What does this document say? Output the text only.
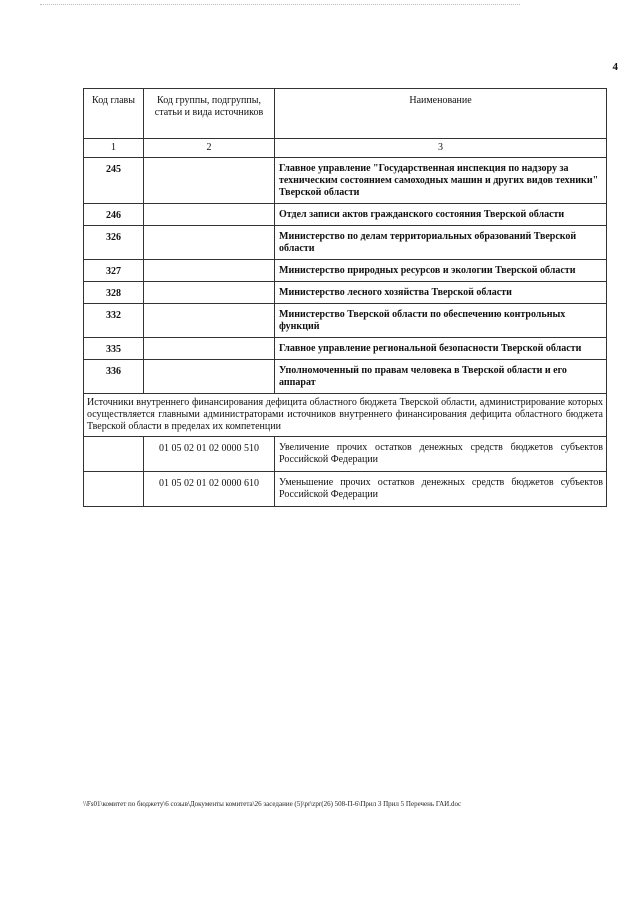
4
Код главы	Код группы, подгруппы, статьи и вида источников	Наименование
1	2	3
245		Главное управление "Государственная инспекция по надзору за техническим состоянием самоходных машин и других видов техники" Тверской области
246		Отдел записи актов гражданского состояния Тверской области
326		Министерство по делам территориальных образований Тверской области
327		Министерство природных ресурсов и экологии Тверской области
328		Министерство лесного хозяйства Тверской области
332		Министерство Тверской области по обеспечению контрольных функций
335		Главное управление региональной безопасности Тверской области
336		Уполномоченный по правам человека в Тверской области и его аппарат
Источники внутреннего финансирования дефицита областного бюджета Тверской области, администрирование которых осуществляется главными администраторами источников внутреннего финансирования дефицита областного бюджета Тверской области в пределах их компетенции		
	01 05 02 01 02 0000 510	Увеличение прочих остатков денежных средств бюджетов субъектов Российской Федерации
	01 05 02 01 02 0000 610	Уменьшение прочих остатков денежных средств бюджетов субъектов Российской Федерации
\\Fs01\комитет по бюджету\6 созыв\Документы комитета\26 заседание (5)\pr\zpr(26) 508-П-6\Прил 3 Прил 5 Перечень ГАИ.doc
